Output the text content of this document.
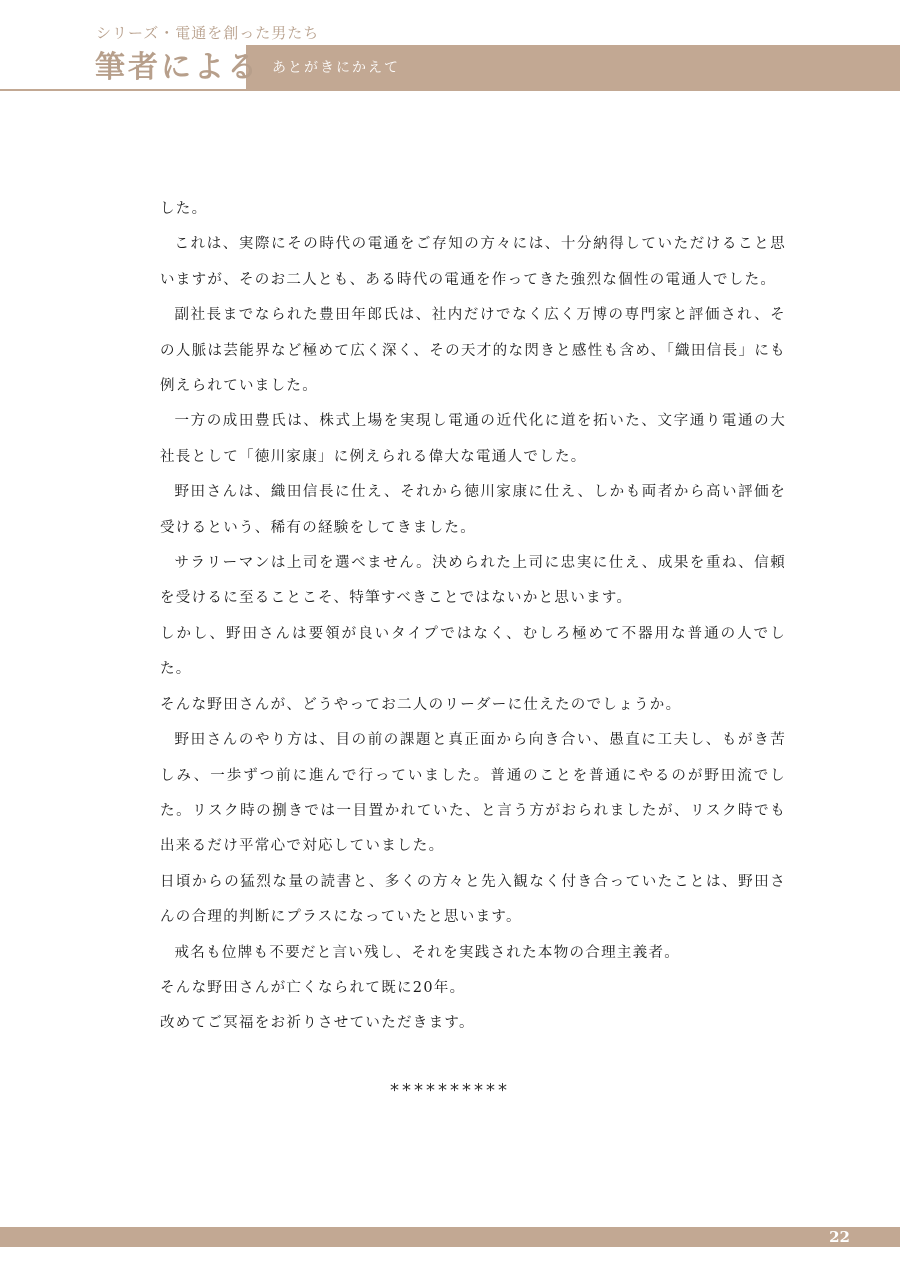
シリーズ・電通を創った男たち
筆者による あとがきにかえて

した。

これは、実際にその時代の電通をご存知の方々には、十分納得していただけること思いますが、そのお二人とも、ある時代の電通を作ってきた強烈な個性の電通人でした。

副社長までなられた豊田年郎氏は、社内だけでなく広く万博の専門家と評価され、その人脈は芸能界など極めて広く深く、その天才的な閃きと感性も含め、「織田信長」にも例えられていました。

一方の成田豊氏は、株式上場を実現し電通の近代化に道を拓いた、文字通り電通の大社長として「徳川家康」に例えられる偉大な電通人でした。

野田さんは、織田信長に仕え、それから徳川家康に仕え、しかも両者から高い評価を受けるという、稀有の経験をしてきました。

サラリーマンは上司を選べません。決められた上司に忠実に仕え、成果を重ね、信頼を受けるに至ることこそ、特筆すべきことではないかと思います。

しかし、野田さんは要領が良いタイプではなく、むしろ極めて不器用な普通の人でした。

そんな野田さんが、どうやってお二人のリーダーに仕えたのでしょうか。

野田さんのやり方は、目の前の課題と真正面から向き合い、愚直に工夫し、もがき苦しみ、一歩ずつ前に進んで行っていました。普通のことを普通にやるのが野田流でした。リスク時の捌きでは一目置かれていた、と言う方がおられましたが、リスク時でも出来るだけ平常心で対応していました。

日頃からの猛烈な量の読書と、多くの方々と先入観なく付き合っていたことは、野田さんの合理的判断にプラスになっていたと思います。

戒名も位牌も不要だと言い残し、それを実践された本物の合理主義者。

そんな野田さんが亡くなられて既に20年。

改めてご冥福をお祈りさせていただきます。

**********
22
